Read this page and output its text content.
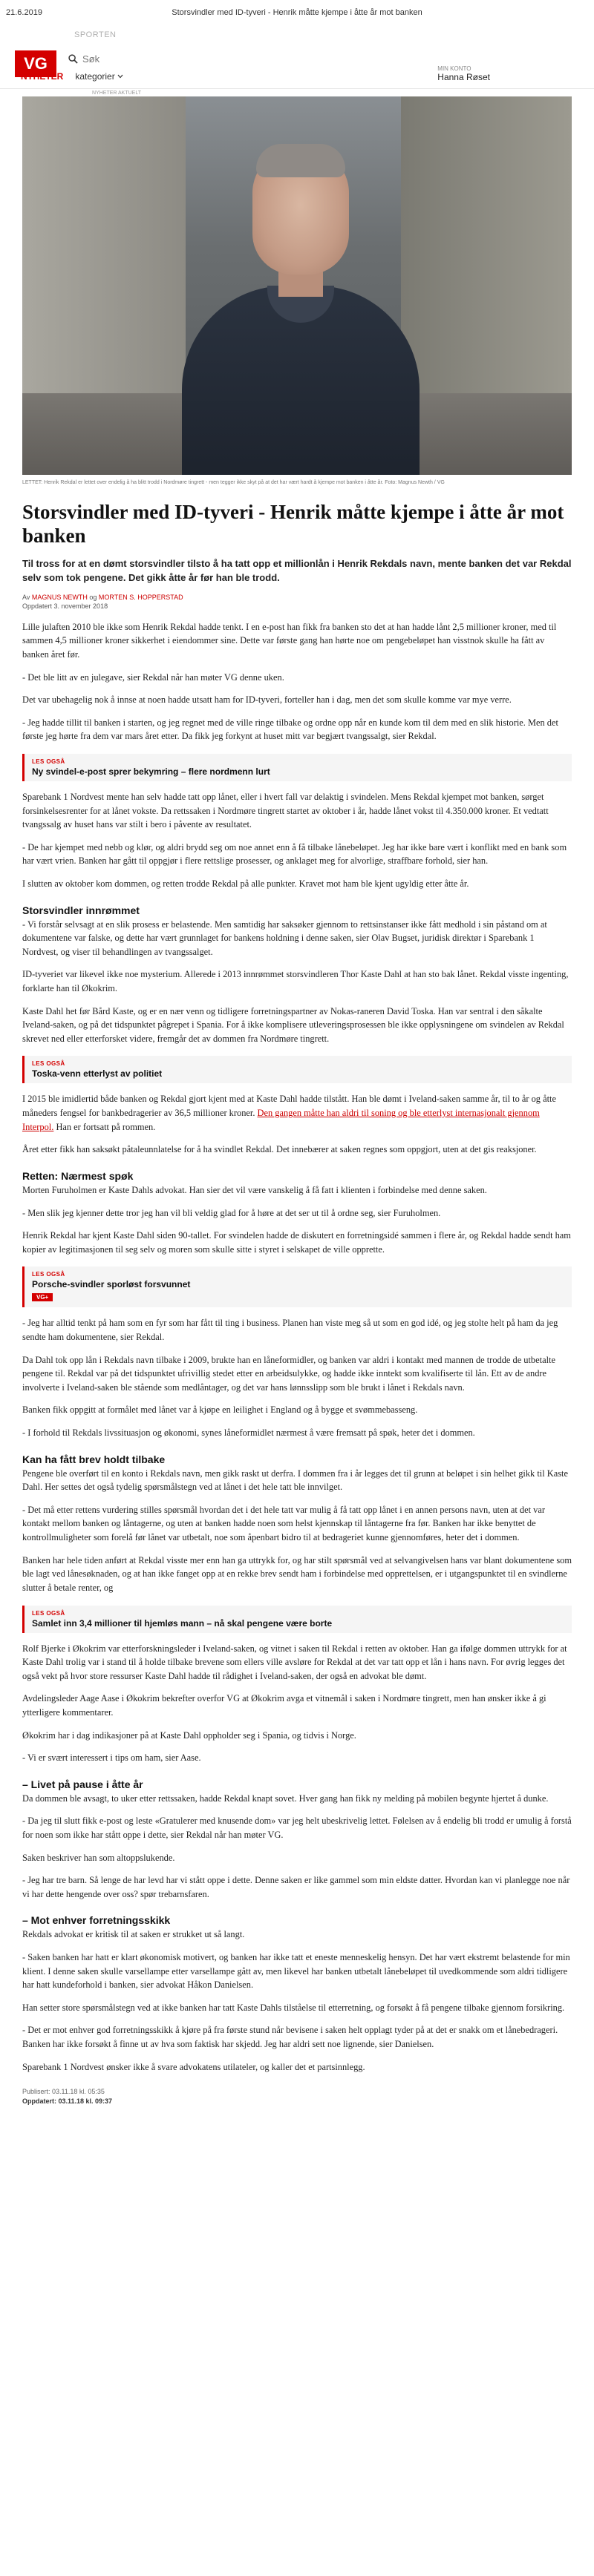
21.6.2019	Storsvindler med ID-tyveri - Henrik måtte kjempe i åtte år mot banken
SPORTEN
VG
Søk
NYHETER kategorier
NYHETER AKTUELT
MIN KONTO
Hanna Røset
LETTET: Henrik Rekdal er lettet over endelig å ha blitt trodd i Nordmøre tingrett - men tegger ikke skyt på at det har vært hardt å kjempe mot banken i åtte år. Foto: Magnus Newth / VG
Storsvindler med ID-tyveri - Henrik måtte kjempe i åtte år mot banken

Til tross for at en dømt storsvindler tilsto å ha tatt opp et millionlån i Henrik Rekdals navn, mente banken det var Rekdal selv som tok pengene. Det gikk åtte år før han ble trodd.

Av MAGNUS NEWTH og MORTEN S. HOPPERSTAD
Oppdatert 3. november 2018

Lille julaften 2010 ble ikke som Henrik Rekdal hadde tenkt. I en e-post han fikk fra banken sto det at han hadde lånt 2,5 millioner kroner, med til sammen 4,5 millioner kroner sikkerhet i eiendommer sine. Dette var første gang han hørte noe om pengebeløpet han visstnok skulle ha fått av banken året før.

- Det ble litt av en julegave, sier Rekdal når han møter VG denne uken.

Det var ubehagelig nok å innse at noen hadde utsatt ham for ID-tyveri, forteller han i dag, men det som skulle komme var mye verre.

- Jeg hadde tillit til banken i starten, og jeg regnet med de ville ringe tilbake og ordne opp når en kunde kom til dem med en slik historie. Men det første jeg hørte fra dem var mars året etter. Da fikk jeg forkynt at huset mitt var begjært tvangssalgt, sier Rekdal.

LES OGSÅ
Ny svindel-e-post sprer bekymring – flere nordmenn lurt

Sparebank 1 Nordvest mente han selv hadde tatt opp lånet, eller i hvert fall var delaktig i svindelen. Mens Rekdal kjempet mot banken, sørget forsinkelsesrenter for at lånet vokste. Da rettssaken i Nordmøre tingrett startet av oktober i år, hadde lånet vokst til 4.350.000 kroner. Et vedtatt tvangssalg av huset hans var stilt i bero i påvente av resultatet.

- De har kjempet med nebb og klør, og aldri brydd seg om noe annet enn å få tilbake lånebeløpet. Jeg har ikke bare vært i konflikt med en bank som har vært vrien. Banken har gått til oppgjør i flere rettslige prosesser, og anklaget meg for alvorlige, straffbare forhold, sier han.

I slutten av oktober kom dommen, og retten trodde Rekdal på alle punkter. Kravet mot ham ble kjent ugyldig etter åtte år.

Storsvindler innrømmet

- Vi forstår selvsagt at en slik prosess er belastende. Men samtidig har saksøker gjennom to rettsinstanser ikke fått medhold i sin påstand om at dokumentene var falske, og dette har vært grunnlaget for bankens holdning i denne saken, sier Olav Bugset, juridisk direktør i Sparebank 1 Nordvest, og viser til behandlingen av tvangssalget.

ID-tyveriet var likevel ikke noe mysterium. Allerede i 2013 innrømmet storsvindleren Thor Kaste Dahl at han sto bak lånet. Rekdal visste ingenting, forklarte han til Økokrim.

Kaste Dahl het før Bård Kaste, og er en nær venn og tidligere forretningspartner av Nokas-raneren David Toska. Han var sentral i den såkalte Iveland-saken, og på det tidspunktet pågrepet i Spania. For å ikke komplisere utleveringsprosessen ble ikke opplysningene om svindelen av Rekdal skrevet ned eller etterforsket videre, fremgår det av dommen fra Nordmøre tingrett.

LES OGSÅ
Toska-venn etterlyst av politiet

I 2015 ble imidlertid både banken og Rekdal gjort kjent med at Kaste Dahl hadde tilstått. Han ble dømt i Iveland-saken samme år, til to år og åtte måneders fengsel for bankbedragerier av 36,5 millioner kroner. Den gangen måtte han aldri til soning og ble etterlyst internasjonalt gjennom Interpol. Han er fortsatt på rommen.

Året etter fikk han saksøkt påtaleunnlatelse for å ha svindlet Rekdal. Det innebærer at saken regnes som oppgjort, uten at det gis reaksjoner.

Retten: Nærmest spøk

Morten Furuholmen er Kaste Dahls advokat. Han sier det vil være vanskelig å få fatt i klienten i forbindelse med denne saken.

- Men slik jeg kjenner dette tror jeg han vil bli veldig glad for å høre at det ser ut til å ordne seg, sier Furuholmen.

Henrik Rekdal har kjent Kaste Dahl siden 90-tallet. For svindelen hadde de diskutert en forretningsidé sammen i flere år, og Rekdal hadde sendt ham kopier av legitimasjonen til seg selv og moren som skulle sitte i styret i selskapet de ville opprette.

LES OGSÅ
Porsche-svindler sporløst forsvunnet
VG+

- Jeg har alltid tenkt på ham som en fyr som har fått til ting i business. Planen han viste meg så ut som en god idé, og jeg stolte helt på ham da jeg sendte ham dokumentene, sier Rekdal.

Da Dahl tok opp lån i Rekdals navn tilbake i 2009, brukte han en låneformidler, og banken var aldri i kontakt med mannen de trodde de utbetalte pengene til. Rekdal var på det tidspunktet ufrivillig stedet etter en arbeidsulykke, og hadde ikke inntekt som kvalifiserte til lån. Ett av de andre involverte i Iveland-saken ble stående som medlåntager, og det var hans lønnsslipp som ble brukt i lånet i Rekdals navn.

Banken fikk oppgitt at formålet med lånet var å kjøpe en leilighet i England og å bygge et svømmebasseng.

- I forhold til Rekdals livssituasjon og økonomi, synes låneformidlet nærmest å være fremsatt på spøk, heter det i dommen.

Kan ha fått brev holdt tilbake

Pengene ble overført til en konto i Rekdals navn, men gikk raskt ut derfra. I dommen fra i år legges det til grunn at beløpet i sin helhet gikk til Kaste Dahl. Her settes det også tydelig spørsmålstegn ved at lånet i det hele tatt ble innvilget.

- Det må etter rettens vurdering stilles spørsmål hvordan det i det hele tatt var mulig å få tatt opp lånet i en annen persons navn, uten at det var kontakt mellom banken og låntagerne, og uten at banken hadde noen som helst kjennskap til låntagerne fra før. Banken har ikke benyttet de kontrollmuligheter som forelå før lånet var utbetalt, noe som åpenbart bidro til at bedrageriet kunne gjennomføres, heter det i dommen.

Banken har hele tiden anført at Rekdal visste mer enn han ga uttrykk for, og har stilt spørsmål ved at selvangivelsen hans var blant dokumentene som ble lagt ved lånesøknaden, og at han ikke fanget opp at en rekke brev sendt ham i forbindelse med opprettelsen, er i utgangspunktet til en svindlerne slutter å betale renter, og

LES OGSÅ
Samlet inn 3,4 millioner til hjemløs mann – nå skal pengene være borte

Rolf Bjerke i Økokrim var etterforskningsleder i Iveland-saken, og vitnet i saken til Rekdal i retten av oktober. Han ga ifølge dommen uttrykk for at Kaste Dahl trolig var i stand til å holde tilbake brevene som ellers ville avsløre for Rekdal at det var tatt opp et lån i hans navn. For øvrig legges det også vekt på hvor store ressurser Kaste Dahl hadde til rådighet i Iveland-saken, der også en advokat ble dømt.

Avdelingsleder Aage Aase i Økokrim bekrefter overfor VG at Økokrim avga et vitnemål i saken i Nordmøre tingrett, men han ønsker ikke å gi ytterligere kommentarer.

Økokrim har i dag indikasjoner på at Kaste Dahl oppholder seg i Spania, og tidvis i Norge.

- Vi er svært interessert i tips om ham, sier Aase.

– Livet på pause i åtte år

Da dommen ble avsagt, to uker etter rettssaken, hadde Rekdal knapt sovet. Hver gang han fikk ny melding på mobilen begynte hjertet å dunke.

- Da jeg til slutt fikk e-post og leste «Gratulerer med knusende dom» var jeg helt ubeskrivelig lettet. Følelsen av å endelig bli trodd er umulig å forstå for noen som ikke har stått oppe i dette, sier Rekdal når han møter VG.

Saken beskriver han som altoppslukende.

- Jeg har tre barn. Så lenge de har levd har vi stått oppe i dette. Denne saken er like gammel som min eldste datter. Hvordan kan vi planlegge noe når vi har dette hengende over oss? spør trebarnsfaren.

– Mot enhver forretningsskikk

Rekdals advokat er kritisk til at saken er strukket ut så langt.

- Saken banken har hatt er klart økonomisk motivert, og banken har ikke tatt et eneste menneskelig hensyn. Det har vært ekstremt belastende for min klient. I denne saken skulle varsellampe etter varsellampe gått av, men likevel har banken utbetalt lånebeløpet til uvedkommende som aldri tidligere har hatt kundeforhold i banken, sier advokat Håkon Danielsen.

Han setter store spørsmålstegn ved at ikke banken har tatt Kaste Dahls tilståelse til etterretning, og forsøkt å få pengene tilbake gjennom forsikring.

- Det er mot enhver god forretningsskikk å kjøre på fra første stund når bevisene i saken helt opplagt tyder på at det er snakk om et lånebedrageri. Banken har ikke forsøkt å finne ut av hva som faktisk har skjedd. Jeg har aldri sett noe lignende, sier Danielsen.

Sparebank 1 Nordvest ønsker ikke å svare advokatens utilateler, og kaller det et partsinnlegg.

Publisert: 03.11.18 kl. 05:35
Oppdatert: 03.11.18 kl. 09:37
